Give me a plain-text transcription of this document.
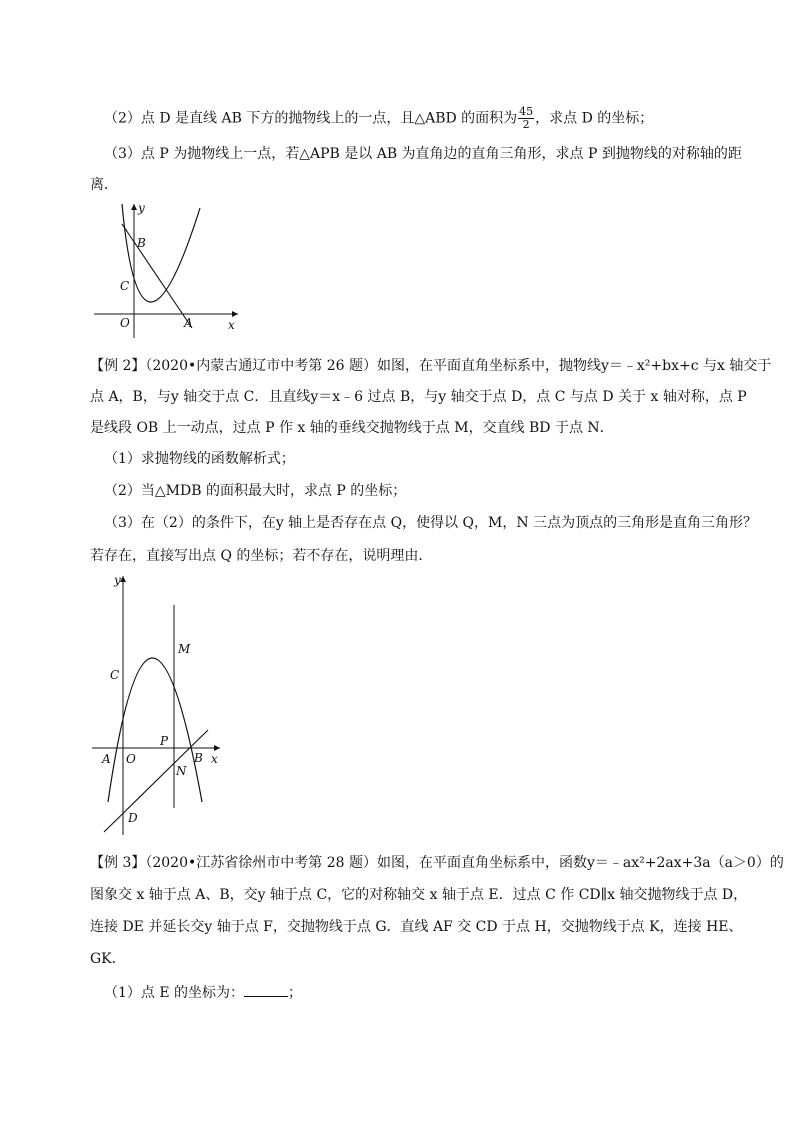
（2）点 D 是直线 AB 下方的抛物线上的一点，且△ABD 的面积为 $\frac{45}{2}$ ，求点 D 的坐标；
（3）点 P 为抛物线上一点，若△APB 是以 AB 为直角边的直角三角形，求点 P 到抛物线的对称轴的距
离．
y
B
C
O	A	x
【例 2】（2020•内蒙古通辽市中考第 26 题）如图，在平面直角坐标系中，抛物线y＝﹣x²+bx+c 与x 轴交于
点 A，B，与y 轴交于点 C．且直线y＝x﹣6 过点 B，与y 轴交于点 D，点 C 与点 D 关于 x 轴对称，点 P
是线段 OB 上一动点，过点 P 作 x 轴的垂线交抛物线于点 M，交直线 BD 于点 N．
（1）求抛物线的函数解析式；
（2）当△MDB 的面积最大时，求点 P 的坐标；
（3）在（2）的条件下，在y 轴上是否存在点 Q，使得以 Q，M，N 三点为顶点的三角形是直角三角形？
若存在，直接写出点 Q 的坐标；若不存在，说明理由．
y
C
M
P
A O	B x
N
D
【例 3】（2020•江苏省徐州市中考第 28 题）如图，在平面直角坐标系中，函数y＝﹣ax²+2ax+3a（a＞0）的
图象交 x 轴于点 A、B，交y 轴于点 C，它的对称轴交 x 轴于点 E．过点 C 作 CD∥x 轴交抛物线于点 D，
连接 DE 并延长交y 轴于点 F，交抛物线于点 G．直线 AF 交 CD 于点 H，交抛物线于点 K，连接 HE、
GK．
（1）点 E 的坐标为：	；
